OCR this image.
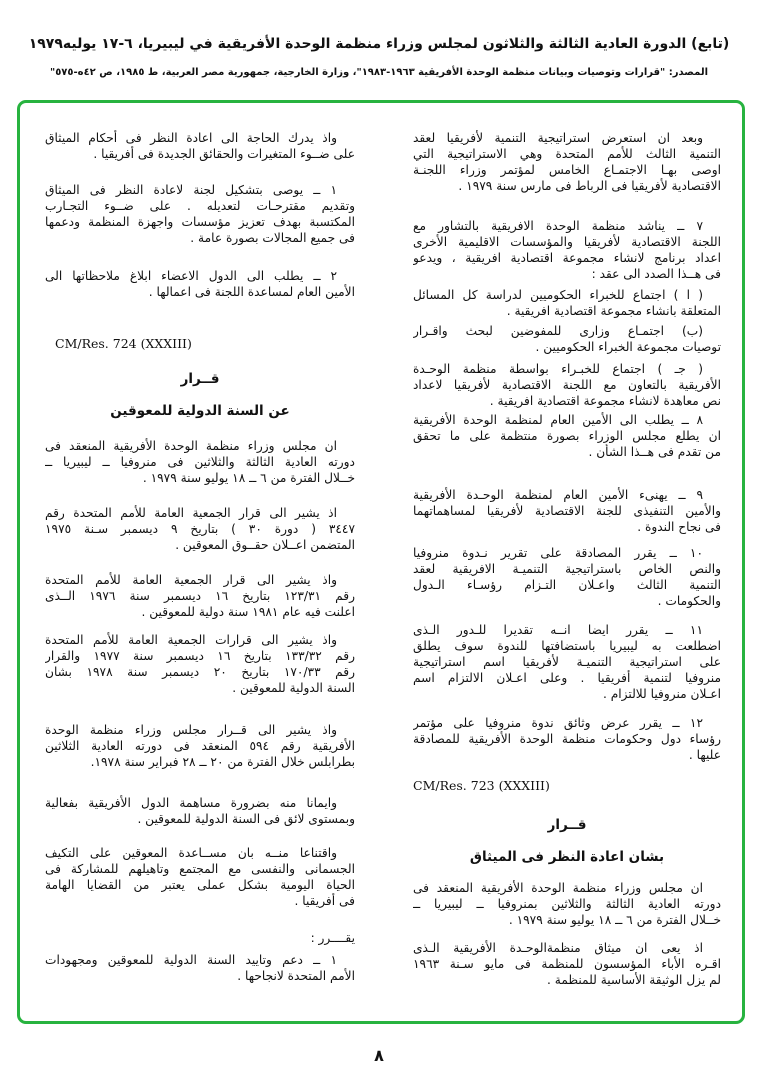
(تابع) الدورة العادية الثالثة والثلاثون لمجلس وزراء منظمة الوحدة الأفريقية في ليبيريا، ٦-١٧ يوليه١٩٧٩
المصدر: "قرارات وتوصيات وبيانات منظمة الوحدة الأفريقية ١٩٦٣-١٩٨٣"، وزارة الخارجية، جمهورية مصر العربية، ط ١٩٨٥، ص ٤٢ه-٥٧٥"
CM/Res. 723 (XXXIII)
قــرار
بشان اعادة النظر فى الميثاق
وبعد ان استعرض استراتيجية التنمية لأفريقيا لعقد
التنمية الثالث للأمم المتحدة وهي الاستراتيجية التي
اوصى بهـا الاجتمـاع الخامس لمؤتمر وزراء اللجنـة
الاقتصادية لأفريقيا فى الرباط فى مارس سنة ١٩٧٩ .
٧ ــ يناشد منظمة الوحدة الافريقية بالتشاور مع
اللجنة الاقتصادية لأفريقيا والمؤسسات الاقليمية الأخرى
اعداد برنامج لانشاء مجموعة اقتصادية افريقية ، ويدعو
فى هــذا الصدد الى عقد :
( ا ) اجتماع للخبراء الحكوميين لدراسة كل المسائل
المتعلقة بانشاء مجموعة اقتصادية افريقية .
(ب) اجتمـاع وزارى للمفوضين لبحث واقـرار
توصيات مجموعة الخبراء الحكوميين .
( جـ ) اجتماع للخبـراء بواسطة منظمة الوحـدة
الأفريقية بالتعاون مع اللجنة الاقتصادية لأفريقيا لاعداد
نص معاهدة لانشاء مجموعة اقتصادية افريقية .
٨ ــ يطلب الى الأمين العام لمنظمة الوحدة الأفريقية
ان يطلع مجلس الوزراء بصورة منتظمة على ما تحقق
من تقدم فى هــذا الشأن .
٩ ــ يهنىء الأمين العام لمنظمة الوحـدة الأفريقية
والأمين التنفيذى للجنة الاقتصادية لأفريقيا لمساهماتهما
فى نجاح الندوة .
١٠ ــ يقرر المصادقة على تقرير نـدوة منروفيا
والنص الخاص باستراتيجية التنميـة الافريقية لعقد
التنمية الثالث واعـلان التـزام رؤسـاء الـدول
والحكومات .
١١ ــ يقرر ايضا انــه تقديرا للـدور الـذى
اضطلعت به ليبيريا باستضافتها للندوة سوف يطلق
على استراتيجية التنميـة لأفريقيا اسم استراتيجية
منروفيا لتنمية أفريقيا . وعلى اعـلان الالتزام اسم
اعـلان منروفيا للالتزام .
١٢ ــ يقرر عرض وثائق ندوة منروفيا على مؤتمر
رؤساء دول وحكومات منظمة الوحدة الأفريقية للمصادقة
عليها .
ان مجلس وزراء منظمة الوحدة الأفريقية المنعقد فى
دورته العادية الثالثة والثلاثين بمنروفيا ــ ليبيريا ــ
خــلال الفترة من ٦ ــ ١٨ يوليو سنة ١٩٧٩ .
اذ يعى ان ميثاق منظمةالوحـدة الأفريقية الـذى
اقـره الأباء المؤسسون للمنظمة فى مايو سـنة ١٩٦٣
لم يزل الوثيقة الأساسية للمنظمة .
CM/Res. 724 (XXXIII)
قــرار
عن السنة الدولية للمعوقين
يقــــرر :
واذ يدرك الحاجة الى اعادة النظر فى أحكام الميثاق
على ضــوء المتغيرات والحقائق الجديدة فى أفريقيا .
١ ــ يوصى بتشكيل لجنة لاعادة النظر فى الميثاق
وتقديم مقترحـات لتعديله . على ضــوء التجـارب
المكتسبة بهدف تعزيز مؤسسات واجهزة المنظمة ودعمها
فى جميع المجالات بصورة عامة .
٢ ــ يطلب الى الدول الاعضاء ابلاغ ملاحظاتها الى
الأمين العام لمساعدة اللجنة فى اعمالها .
ان مجلس وزراء منظمة الوحدة الأفريقية المنعقد فى
دورته العادية الثالثة والثلاثين فى منروفيا ــ ليبيريا ــ
خــلال الفترة من ٦ ــ ١٨ يوليو سنة ١٩٧٩ .
اذ يشير الى قرار الجمعية العامة للأمم المتحدة رقم
٣٤٤٧ ( دورة ٣٠ ) بتاريخ ٩ ديسمبر سـنة ١٩٧٥
المتضمن اعــلان حقــوق المعوقين .
واذ يشير الى قرار الجمعية العامة للأمم المتحدة
رقم ١٢٣/٣١ بتاريخ ١٦ ديسمبر سنة ١٩٧٦ الــذى
اعلنت فيه عام ١٩٨١ سنة دولية للمعوقين .
واذ يشير الى قرارات الجمعية العامة للأمم المتحدة
رقم ١٣٣/٣٢ بتاريخ ١٦ ديسمبر سنة ١٩٧٧ والقرار
رقم ١٧٠/٣٣ بتاريخ ٢٠ ديسمبر سنة ١٩٧٨ بشان
السنة الدولية للمعوقين .
واذ يشير الى قــرار مجلس وزراء منظمة الوحدة
الأفريقية رقم ٥٩٤ المنعقد فى دورته العادية الثلاثين
بطرابلس خلال الفترة من ٢٠ ــ ٢٨ فبراير سنة ١٩٧٨.
وايمانا منه بضرورة مساهمة الدول الأفريقية بفعالية
وبمستوى لائق فى السنة الدولية للمعوقين .
واقتناعا منــه بان مســاعدة المعوقين على التكيف
الجسمانى والنفسى مع المجتمع وتاهيلهم للمشاركة فى
الحياة اليومية بشكل عملى يعتبر من القضايا الهامة
فى أفريقيا .
١ ــ دعم وتاييد السنة الدولية للمعوقين ومجهودات
الأمم المتحدة لانجاحها .
٨
